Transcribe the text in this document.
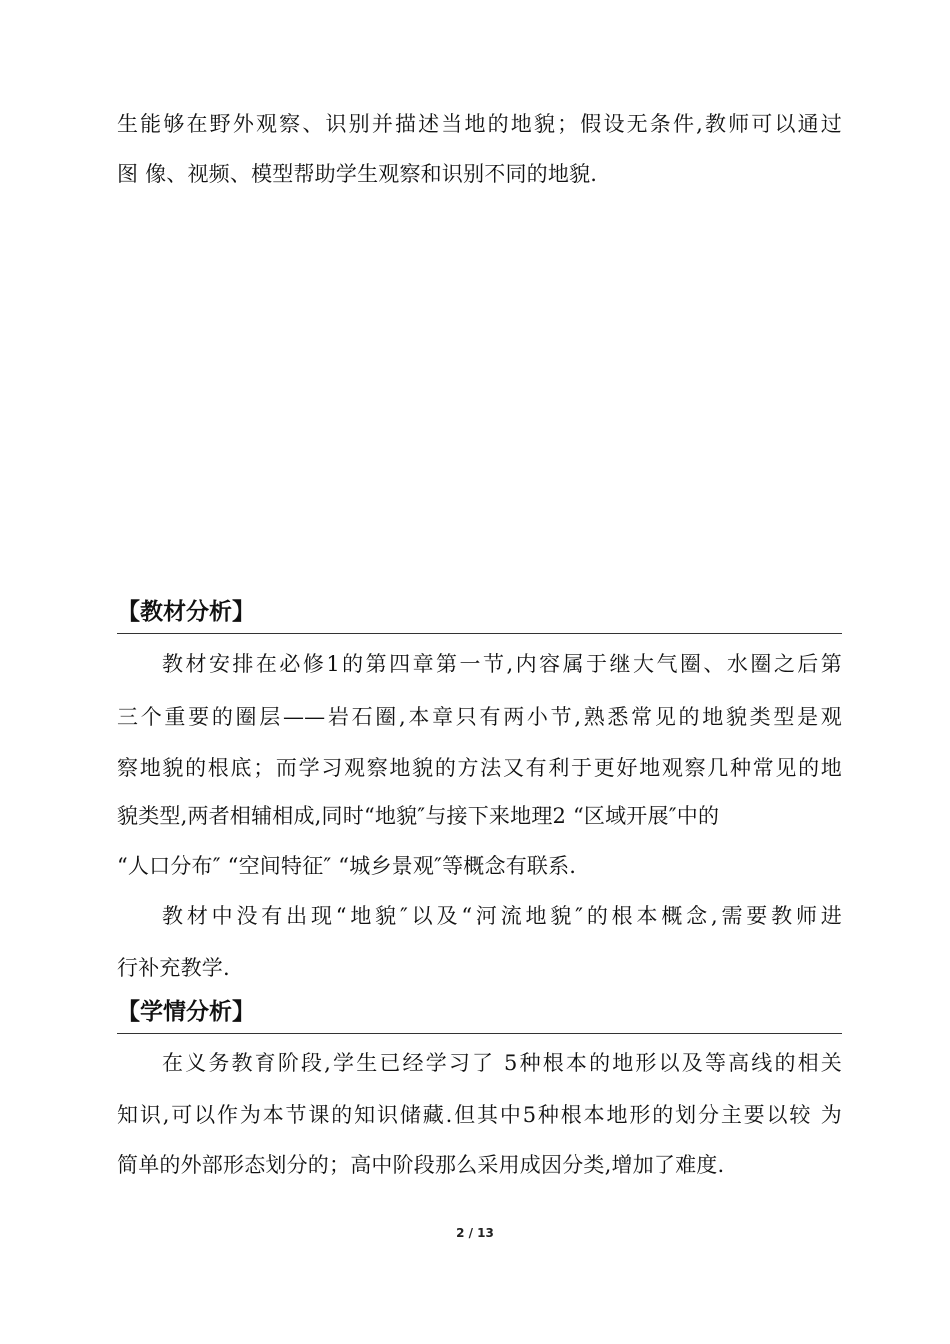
生能够在野外观察、识别并描述当地的地貌；假设无条件,教师可以通过
图 像、视频、模型帮助学生观察和识别不同的地貌.
【教材分析】
教材安排在必修1的第四章第一节,内容属于继大气圈、水圈之后第
三个重要的圈层——岩石圈,本章只有两小节,熟悉常见的地貌类型是观
察地貌的根底；而学习观察地貌的方法又有利于更好地观察几种常见的地
貌类型,两者相辅相成,同时“地貌″与接下来地理2 “区域开展″中的
“人口分布″ “空间特征″ “城乡景观″等概念有联系.
教材中没有出现“地貌″以及“河流地貌″的根本概念,需要教师进
行补充教学.
【学情分析】
在义务教育阶段,学生已经学习了 5种根本的地形以及等高线的相关
知识,可以作为本节课的知识储藏.但其中5种根本地形的划分主要以较 为
简单的外部形态划分的；高中阶段那么采用成因分类,增加了难度.
2 / 13
